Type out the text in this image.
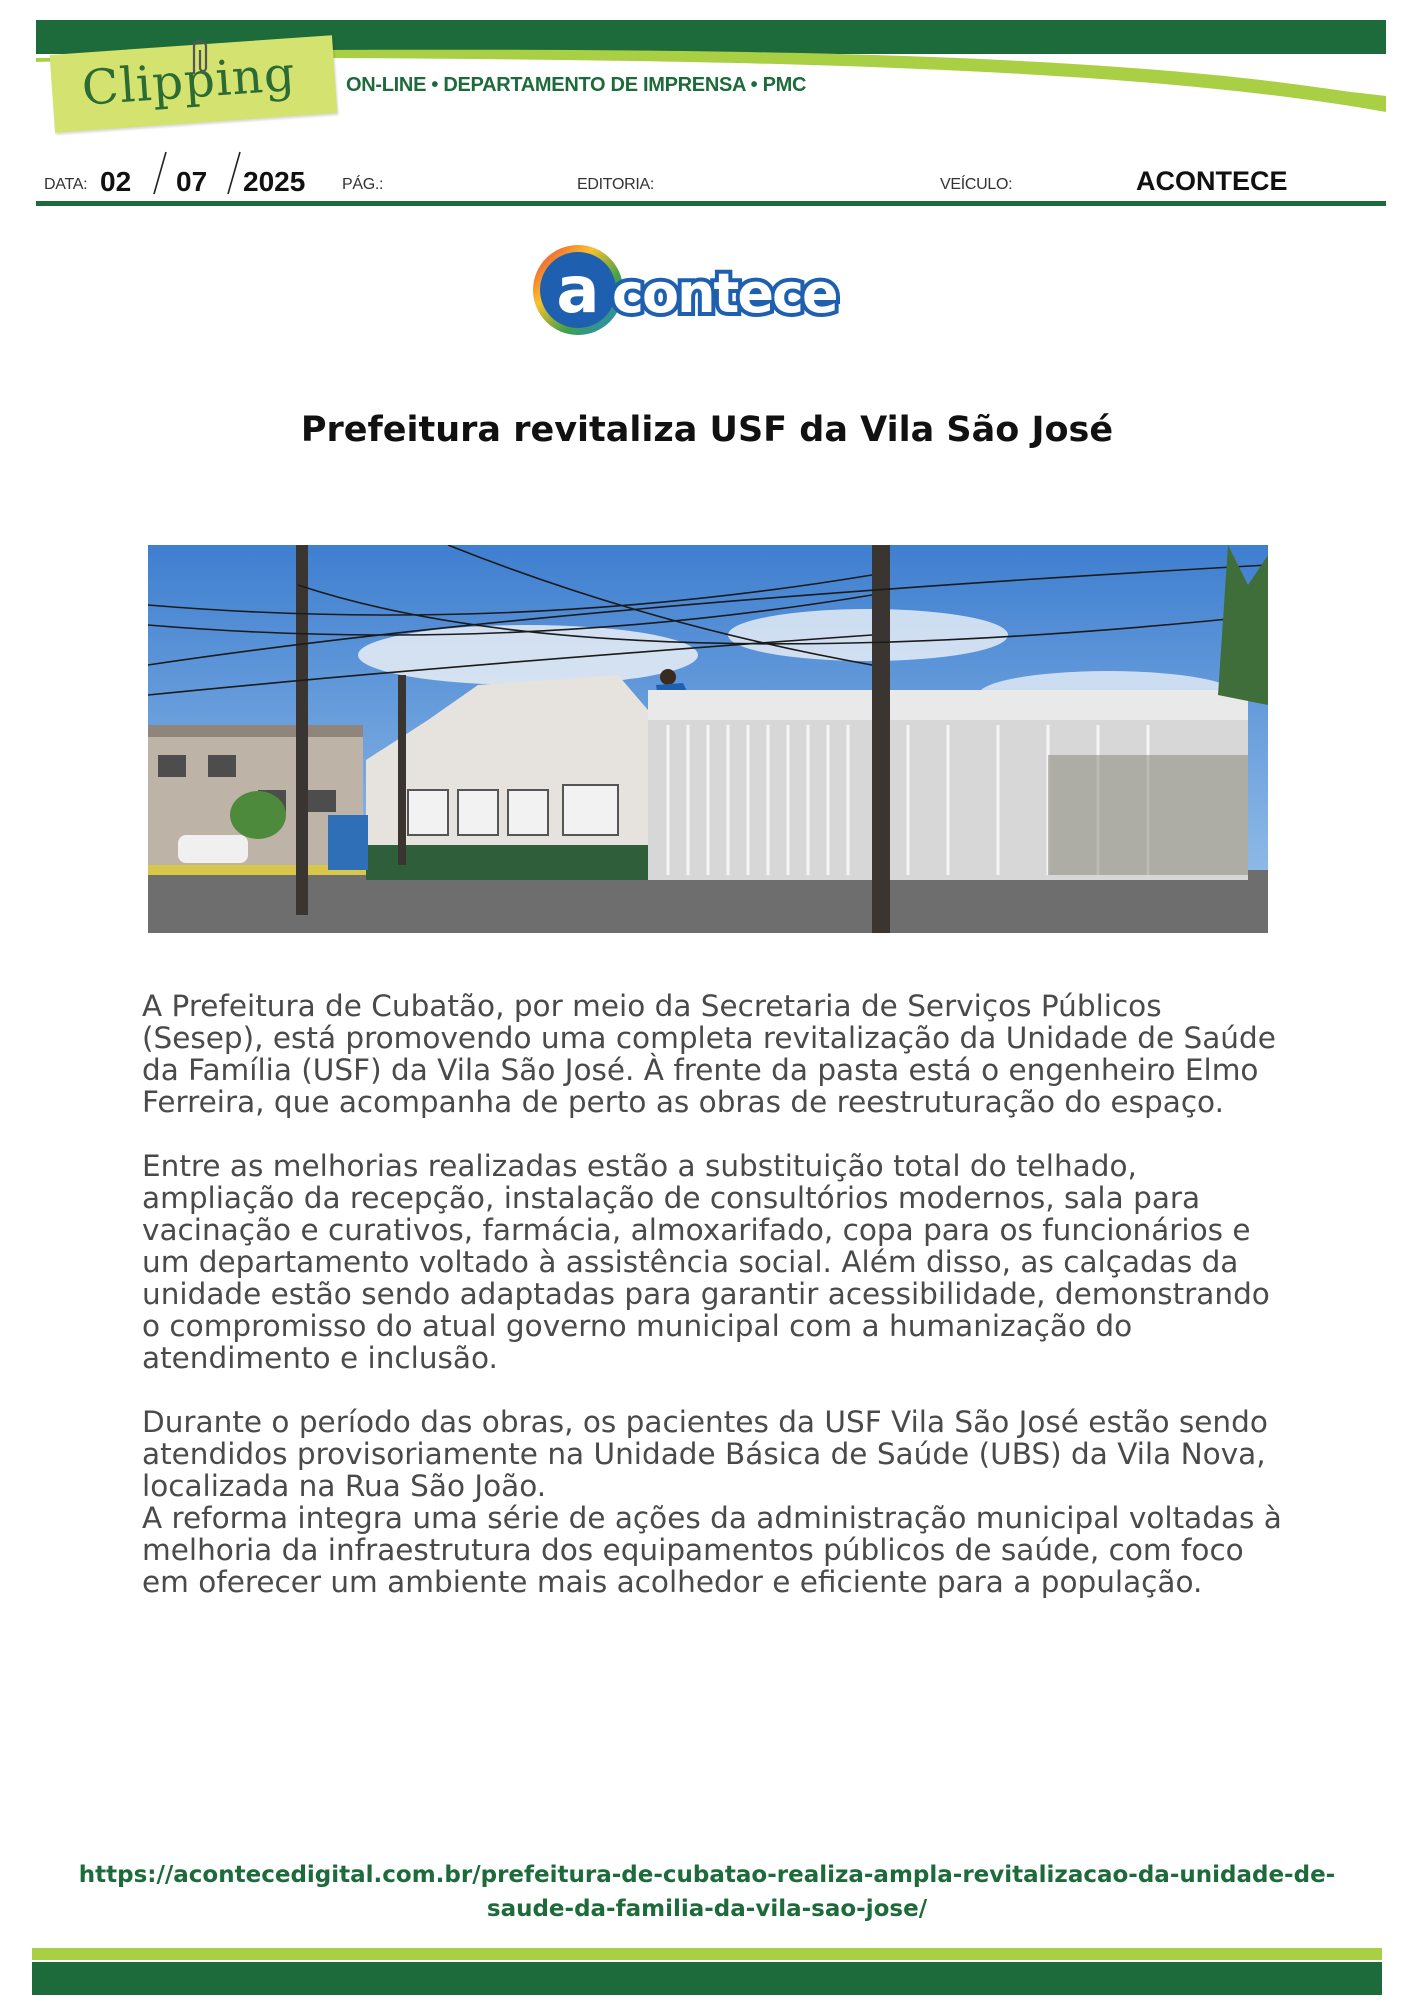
Clipping ON-LINE • DEPARTAMENTO DE IMPRENSA • PMC
DATA: 02 07 2025 PÁG.:	EDITORIA:	VEÍCULO:	ACONTECE
a contece
Prefeitura revitaliza USF da Vila São José

A Prefeitura de Cubatão, por meio da Secretaria de Serviços Públicos (Sesep), está promovendo uma completa revitalização da Unidade de Saúde da Família (USF) da Vila São José. À frente da pasta está o engenheiro Elmo Ferreira, que acompanha de perto as obras de reestruturação do espaço.

Entre as melhorias realizadas estão a substituição total do telhado, ampliação da recepção, instalação de consultórios modernos, sala para vacinação e curativos, farmácia, almoxarifado, copa para os funcionários e um departamento voltado à assistência social. Além disso, as calçadas da unidade estão sendo adaptadas para garantir acessibilidade, demonstrando o compromisso do atual governo municipal com a humanização do atendimento e inclusão.

Durante o período das obras, os pacientes da USF Vila São José estão sendo atendidos provisoriamente na Unidade Básica de Saúde (UBS) da Vila Nova, localizada na Rua São João.

A reforma integra uma série de ações da administração municipal voltadas à melhoria da infraestrutura dos equipamentos públicos de saúde, com foco em oferecer um ambiente mais acolhedor e eficiente para a população.

https://acontecedigital.com.br/prefeitura-de-cubatao-realiza-ampla-revitalizacao-da-unidade-de-
saude-da-familia-da-vila-sao-jose/
